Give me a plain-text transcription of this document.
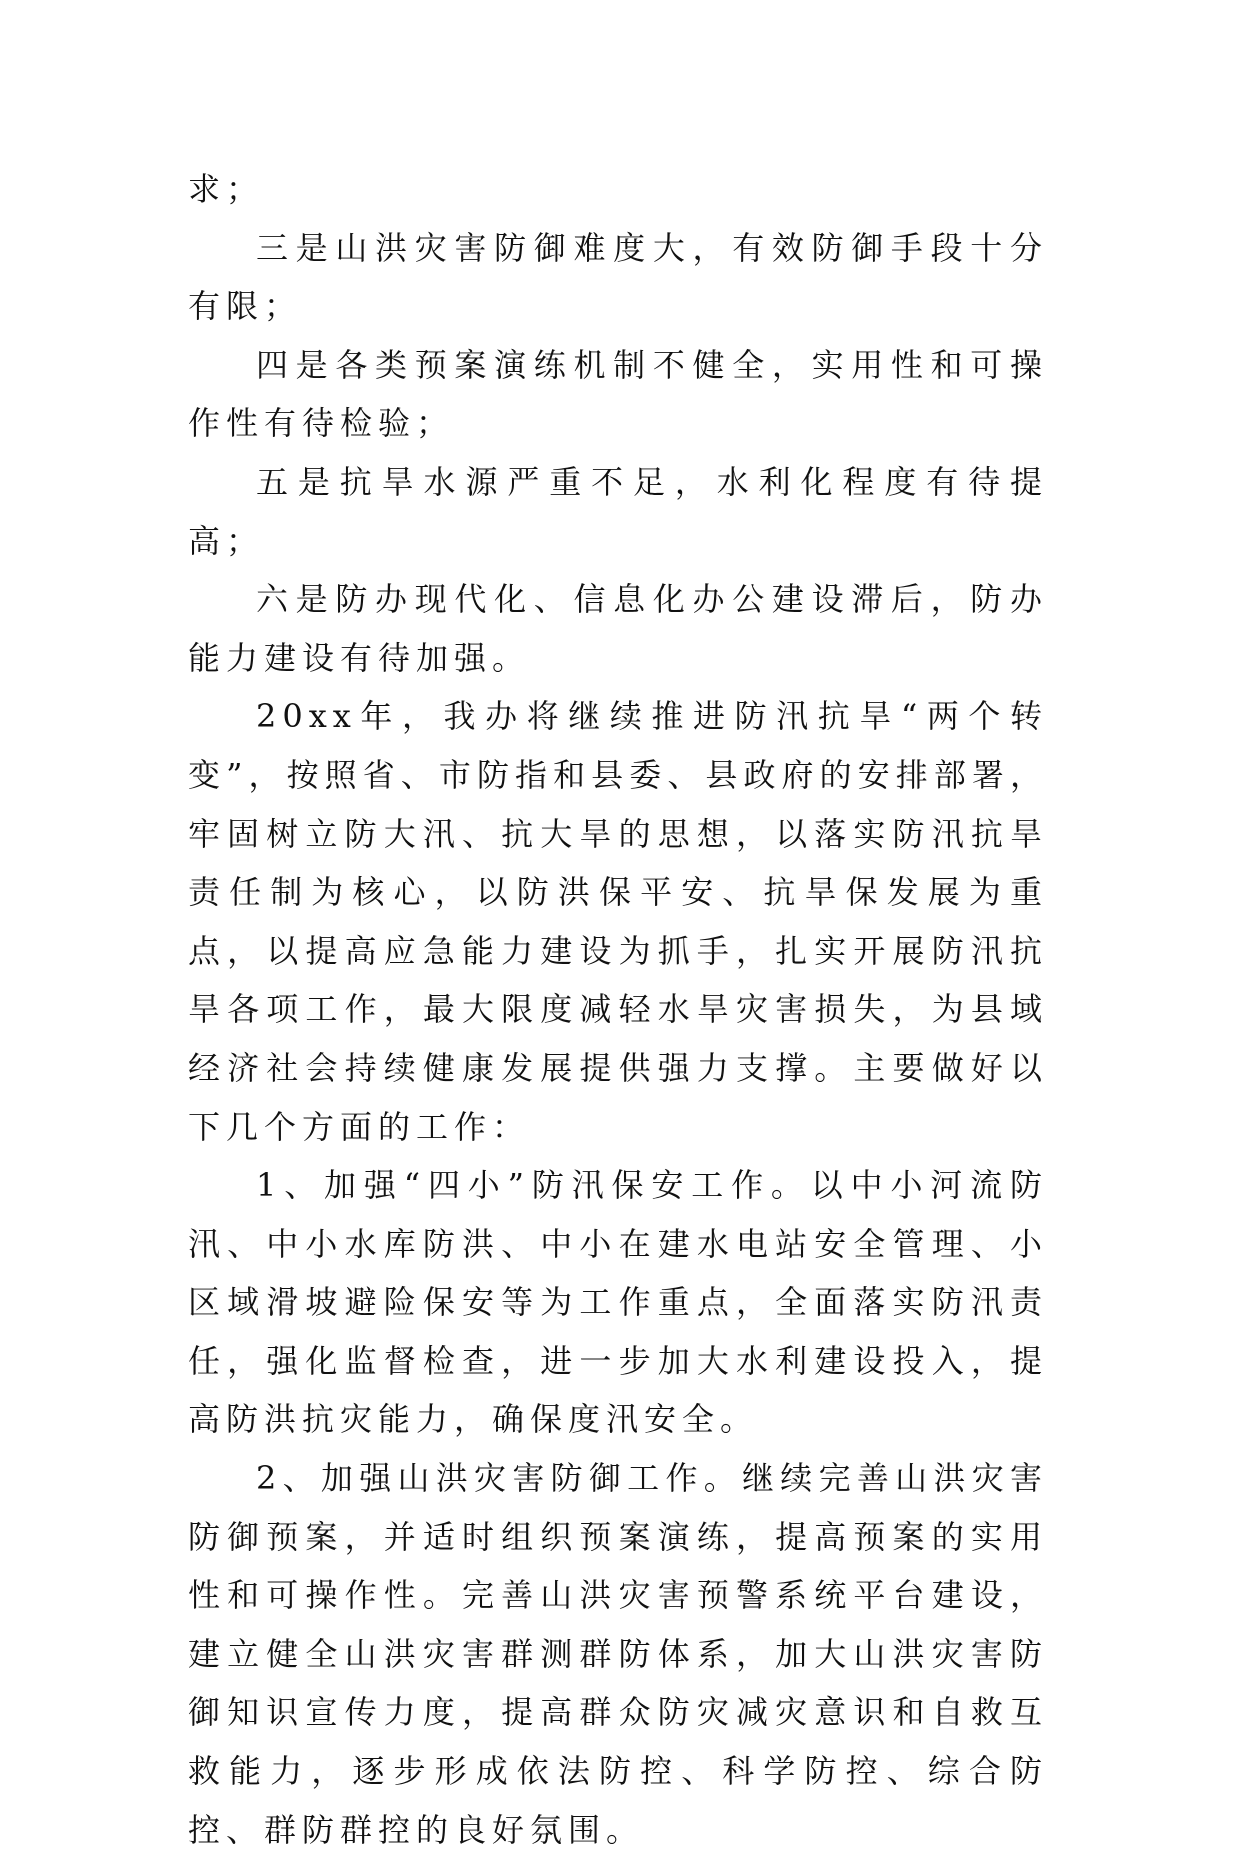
求；

三是山洪灾害防御难度大，有效防御手段十分有限；

四是各类预案演练机制不健全，实用性和可操作性有待检验；

五是抗旱水源严重不足，水利化程度有待提高；

六是防办现代化、信息化办公建设滞后，防办能力建设有待加强。

20xx年，我办将继续推进防汛抗旱“两个转变”，按照省、市防指和县委、县政府的安排部署，牢固树立防大汛、抗大旱的思想，以落实防汛抗旱责任制为核心，以防洪保平安、抗旱保发展为重点，以提高应急能力建设为抓手，扎实开展防汛抗旱各项工作，最大限度减轻水旱灾害损失，为县域经济社会持续健康发展提供强力支撑。主要做好以下几个方面的工作：

1、加强“四小”防汛保安工作。以中小河流防汛、中小水库防洪、中小在建水电站安全管理、小区域滑坡避险保安等为工作重点，全面落实防汛责任，强化监督检查，进一步加大水利建设投入，提高防洪抗灾能力，确保度汛安全。

2、加强山洪灾害防御工作。继续完善山洪灾害防御预案，并适时组织预案演练，提高预案的实用性和可操作性。完善山洪灾害预警系统平台建设，建立健全山洪灾害群测群防体系，加大山洪灾害防御知识宣传力度，提高群众防灾减灾意识和自救互救能力，逐步形成依法防控、科学防控、综合防控、群防群控的良好氛围。
